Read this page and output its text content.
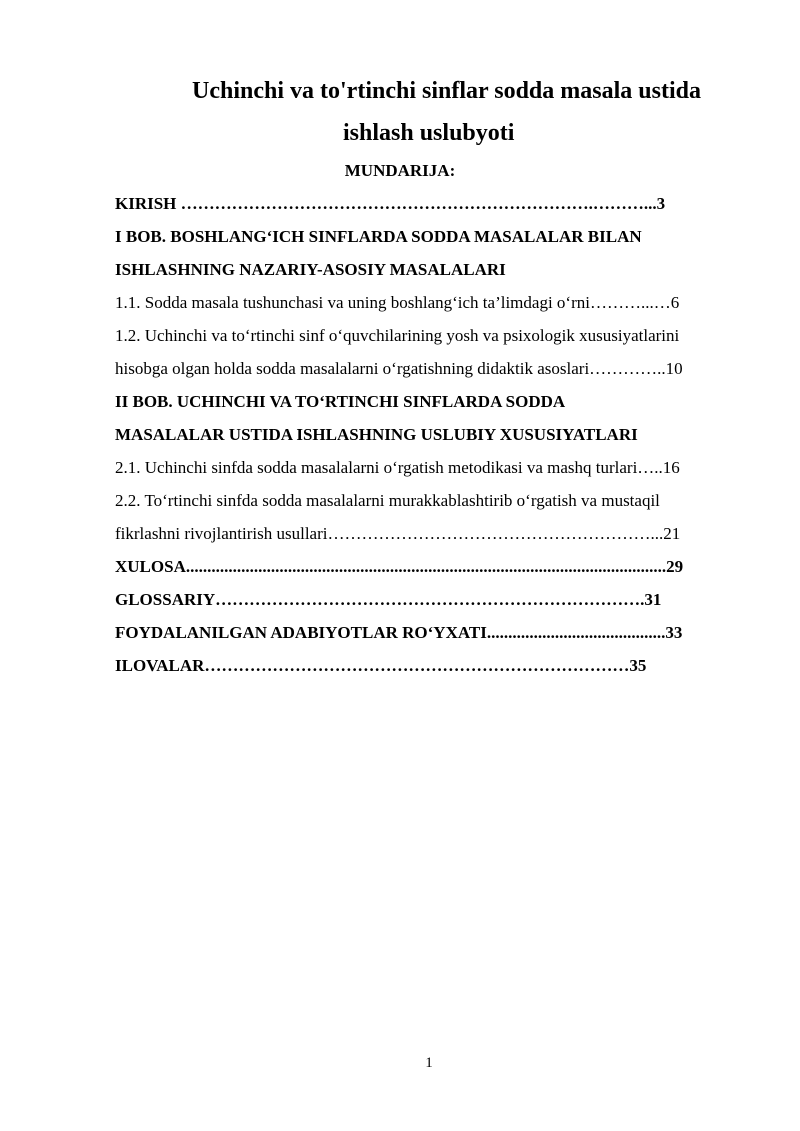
Uchinchi va to'rtinchi sinflar sodda masala ustida
ishlash uslubyoti
MUNDARIJA:
KIRISH ……………………………………………………………….………...3
I BOB. BOSHLANG‘ICH SINFLARDA SODDA MASALALAR BILAN
ISHLASHNING NAZARIY-ASOSIY MASALALARI
1.1. Sodda masala tushunchasi va uning boshlang‘ich ta’limdagi o‘rni………...…6
1.2. Uchinchi va to‘rtinchi sinf o‘quvchilarining yosh va psixologik xususiyatlarini
hisobga olgan holda sodda masalalarni o‘rgatishning didaktik asoslari…………..10
II BOB. UCHINCHI VA TO‘RTINCHI SINFLARDA SODDA
MASALALAR USTIDA ISHLASHNING USLUBIY XUSUSIYATLARI
2.1. Uchinchi sinfda sodda masalalarni o‘rgatish metodikasi va mashq turlari…..16
2.2. To‘rtinchi sinfda sodda masalalarni murakkablashtirib o‘rgatish va mustaqil
fikrlashni rivojlantirish usullari…………………………………………………...21
XULOSA.................................................................................................................29
GLOSSARIY………………………………………………………………….31
FOYDALANILGAN ADABIYOTLAR RO‘YXATI..........................................33
ILOVALAR…………………………………………………………………35
1
